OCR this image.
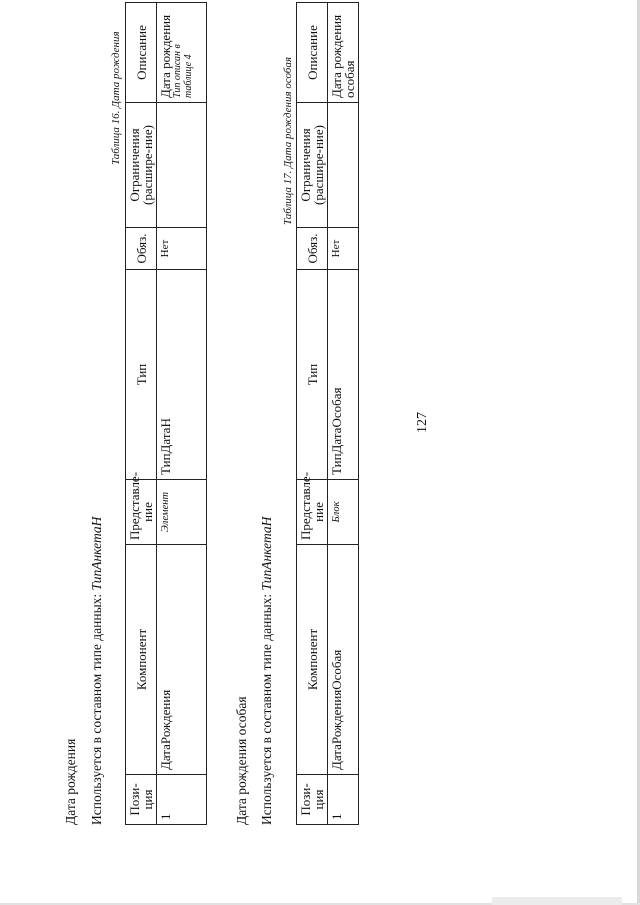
127
Дата рождения Используется в составном типе данных: ТипАнкетаН
Таблица 16. Дата рождения
Пози-ция	Компонент	Представле-ние	Тип	Обяз.	Ограничения (расшире-ние)	Описание
1	ДатаРождения	Элемент	ТипДатаН	Нет		Дата рождения Тип описан в таблице 4
Дата рождения особая Используется в составном типе данных: ТипАнкетаН
Таблица 17. Дата рождения особая
Пози-ция	Компонент	Представле-ние	Тип	Обяз.	Ограничения (расшире-ние)	Описание
1	ДатаРожденияОсобая	Блок	ТипДатаОсобая	Нет		Дата рождения особая
